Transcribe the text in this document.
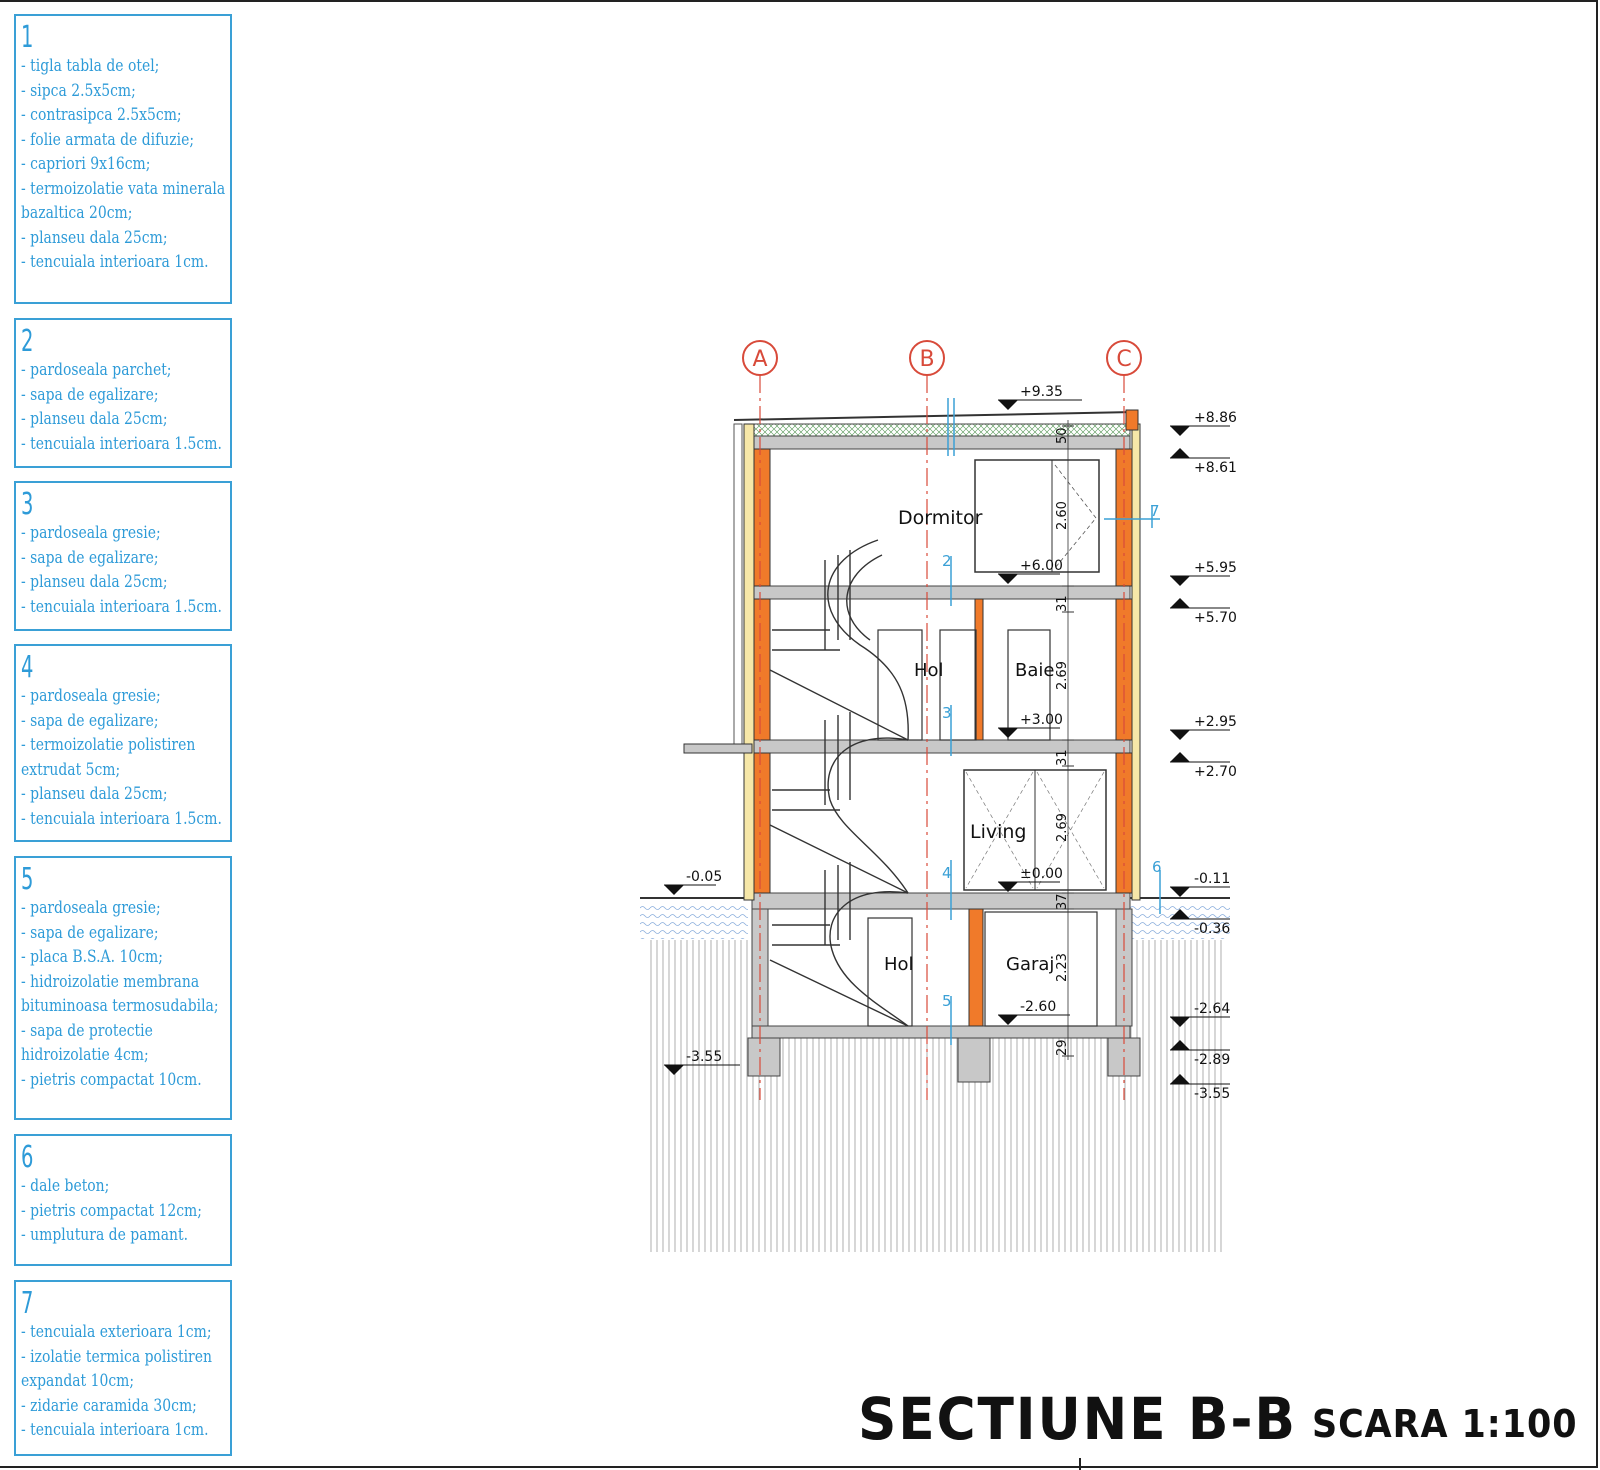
1
- tigla tabla de otel;
- sipca 2.5x5cm;
- contrasipca 2.5x5cm;
- folie armata de difuzie;
- capriori 9x16cm;
- termoizolatie vata minerala
bazaltica 20cm;
- planseu dala 25cm;
- tencuiala interioara 1cm.
2
- pardoseala parchet;
- sapa de egalizare;
- planseu dala 25cm;
- tencuiala interioara 1.5cm.
3
- pardoseala gresie;
- sapa de egalizare;
- planseu dala 25cm;
- tencuiala interioara 1.5cm.
4
- pardoseala gresie;
- sapa de egalizare;
- termoizolatie polistiren
extrudat 5cm;
- planseu dala 25cm;
- tencuiala interioara 1.5cm.
5
- pardoseala gresie;
- sapa de egalizare;
- placa B.S.A. 10cm;
- hidroizolatie membrana
bituminoasa termosudabila;
- sapa de protectie
hidroizolatie 4cm;
- pietris compactat 10cm.
6
- dale beton;
- pietris compactat 12cm;
- umplutura de pamant.
7
- tencuiala exterioara 1cm;
- izolatie termica polistiren
expandat 10cm;
- zidarie caramida 30cm;
- tencuiala interioara 1cm.
A	B	C
Dormitor
Hol	Baie
Living
Hol	Garaj
+9.35
+6.00
+3.00
±0.00
-2.60
-0.05
-3.55
+8.86
+8.61
+5.95
+5.70
+2.95
+2.70
-0.11
-0.36
-2.64
-2.89
-3.55
50
2.60
31
2.69
31
2.69
37
2.23
29
2
3
4
5
6
7
SECTIUNE B-B SCARA 1:100
